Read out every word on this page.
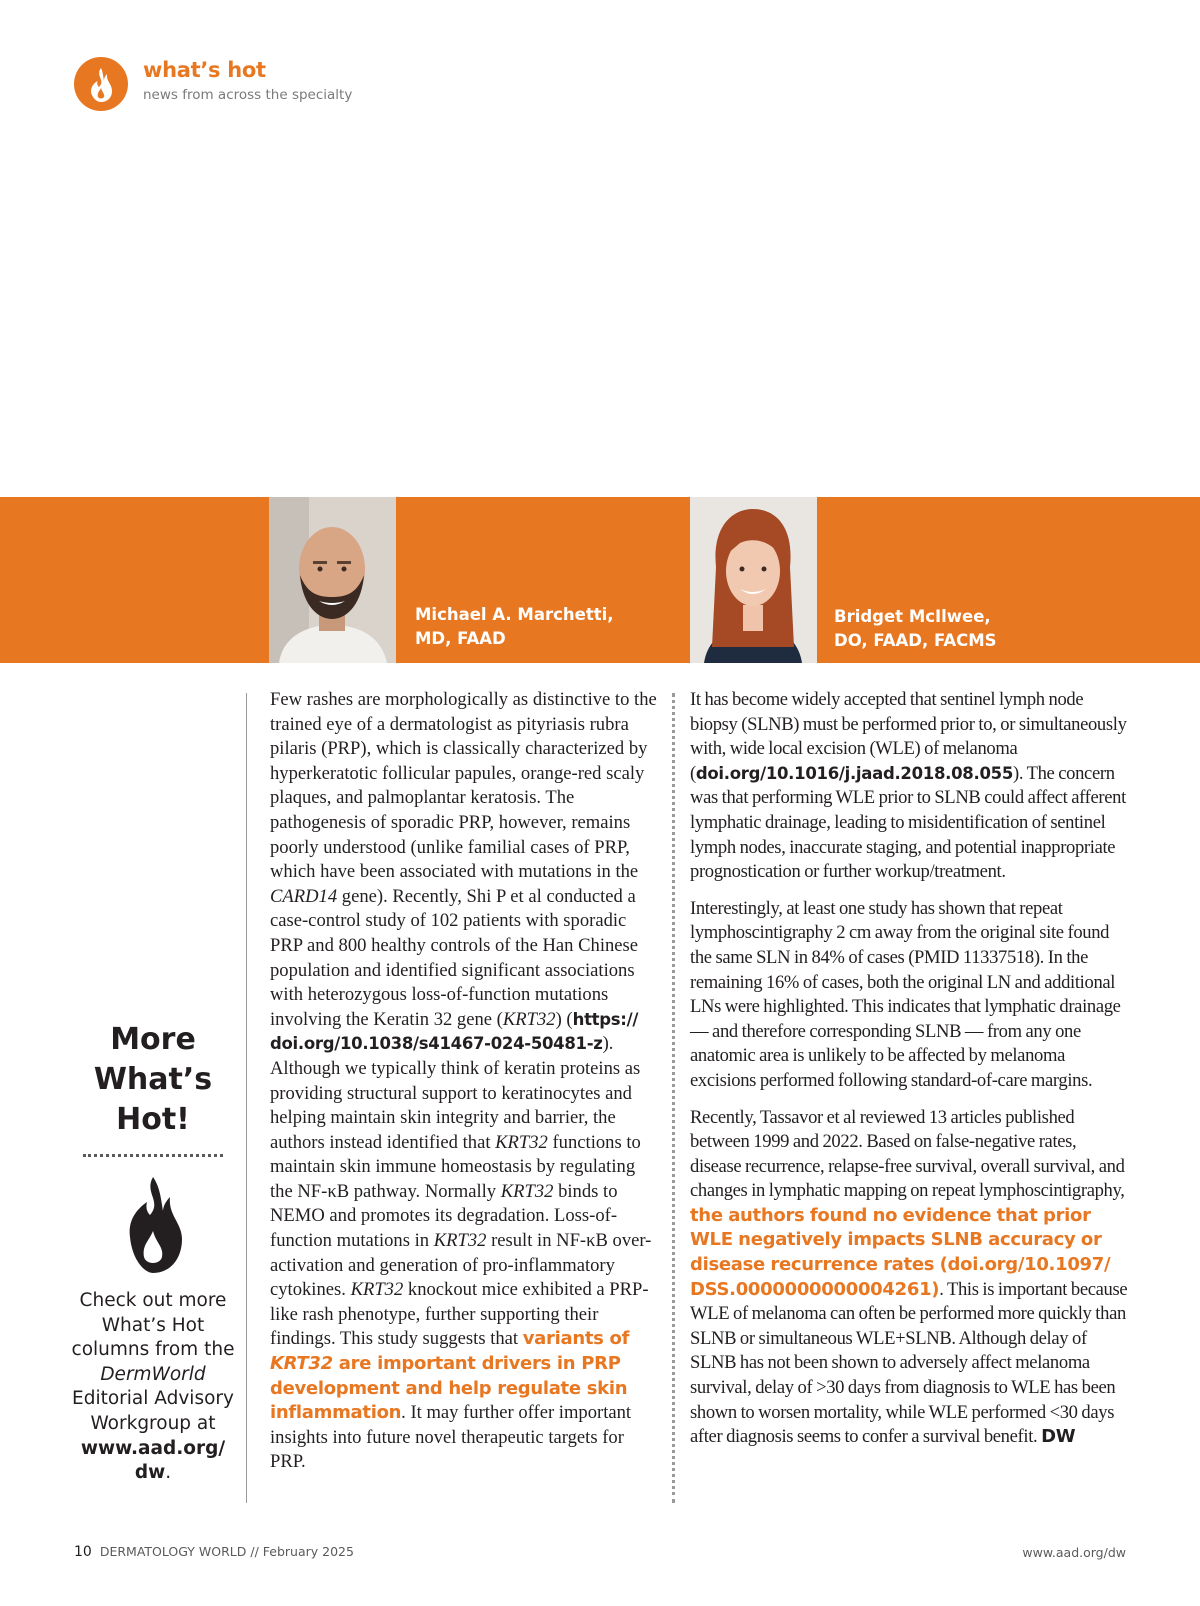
what’s hot
news from across the specialty
Michael A. Marchetti,
MD, FAAD
Bridget McIlwee,
DO, FAAD, FACMS
More
What’s
Hot!
Check out more What’s Hot columns from the DermWorld Editorial Advisory Workgroup at www.aad.org/ dw.

Few rashes are morphologically as distinctive to the trained eye of a dermatologist as pityriasis rubra pilaris (PRP), which is classically characterized by hyperkeratotic follicular papules, orange-red scaly plaques, and palmoplantar keratosis. The pathogenesis of sporadic PRP, however, remains poorly understood (unlike familial cases of PRP, which have been associated with mutations in the CARD14 gene). Recently, Shi P et al conducted a case-control study of 102 patients with sporadic PRP and 800 healthy controls of the Han Chinese population and identified significant associations with heterozygous loss-of-function mutations involving the Keratin 32 gene (KRT32) (https:// doi.org/10.1038/s41467-024-50481-z). Although we typically think of keratin proteins as providing structural support to keratinocytes and helping maintain skin integrity and barrier, the authors instead identified that KRT32 functions to maintain skin immune homeostasis by regulating the NF-κB pathway. Normally KRT32 binds to NEMO and promotes its degradation. Loss-of-function mutations in KRT32 result in NF-κB over-activation and generation of pro-inflammatory cytokines. KRT32 knockout mice exhibited a PRP-like rash phenotype, further supporting their findings. This study suggests that variants of KRT32 are important drivers in PRP development and help regulate skin inflammation. It may further offer important insights into future novel therapeutic targets for PRP.

It has become widely accepted that sentinel lymph node biopsy (SLNB) must be performed prior to, or simultaneously with, wide local excision (WLE) of melanoma (doi.org/10.1016/j.jaad.2018.08.055). The concern was that performing WLE prior to SLNB could affect afferent lymphatic drainage, leading to misidentification of sentinel lymph nodes, inaccurate staging, and potential inappropriate prognostication or further workup/treatment.

Interestingly, at least one study has shown that repeat lymphoscintigraphy 2 cm away from the original site found the same SLN in 84% of cases (PMID 11337518). In the remaining 16% of cases, both the original LN and additional LNs were highlighted. This indicates that lymphatic drainage — and therefore corresponding SLNB — from any one anatomic area is unlikely to be affected by melanoma excisions performed following standard-of-care margins.

Recently, Tassavor et al reviewed 13 articles published between 1999 and 2022. Based on false-negative rates, disease recurrence, relapse-free survival, overall survival, and changes in lymphatic mapping on repeat lymphoscintigraphy, the authors found no evidence that prior WLE negatively impacts SLNB accuracy or disease recurrence rates (doi.org/10.1097/ DSS.0000000000004261). This is important because WLE of melanoma can often be performed more quickly than SLNB or simultaneous WLE+SLNB. Although delay of SLNB has not been shown to adversely affect melanoma survival, delay of >30 days from diagnosis to WLE has been shown to worsen mortality, while WLE performed <30 days after diagnosis seems to confer a survival benefit. DW

10 DERMATOLOGY WORLD // February 2025	www.aad.org/dw
